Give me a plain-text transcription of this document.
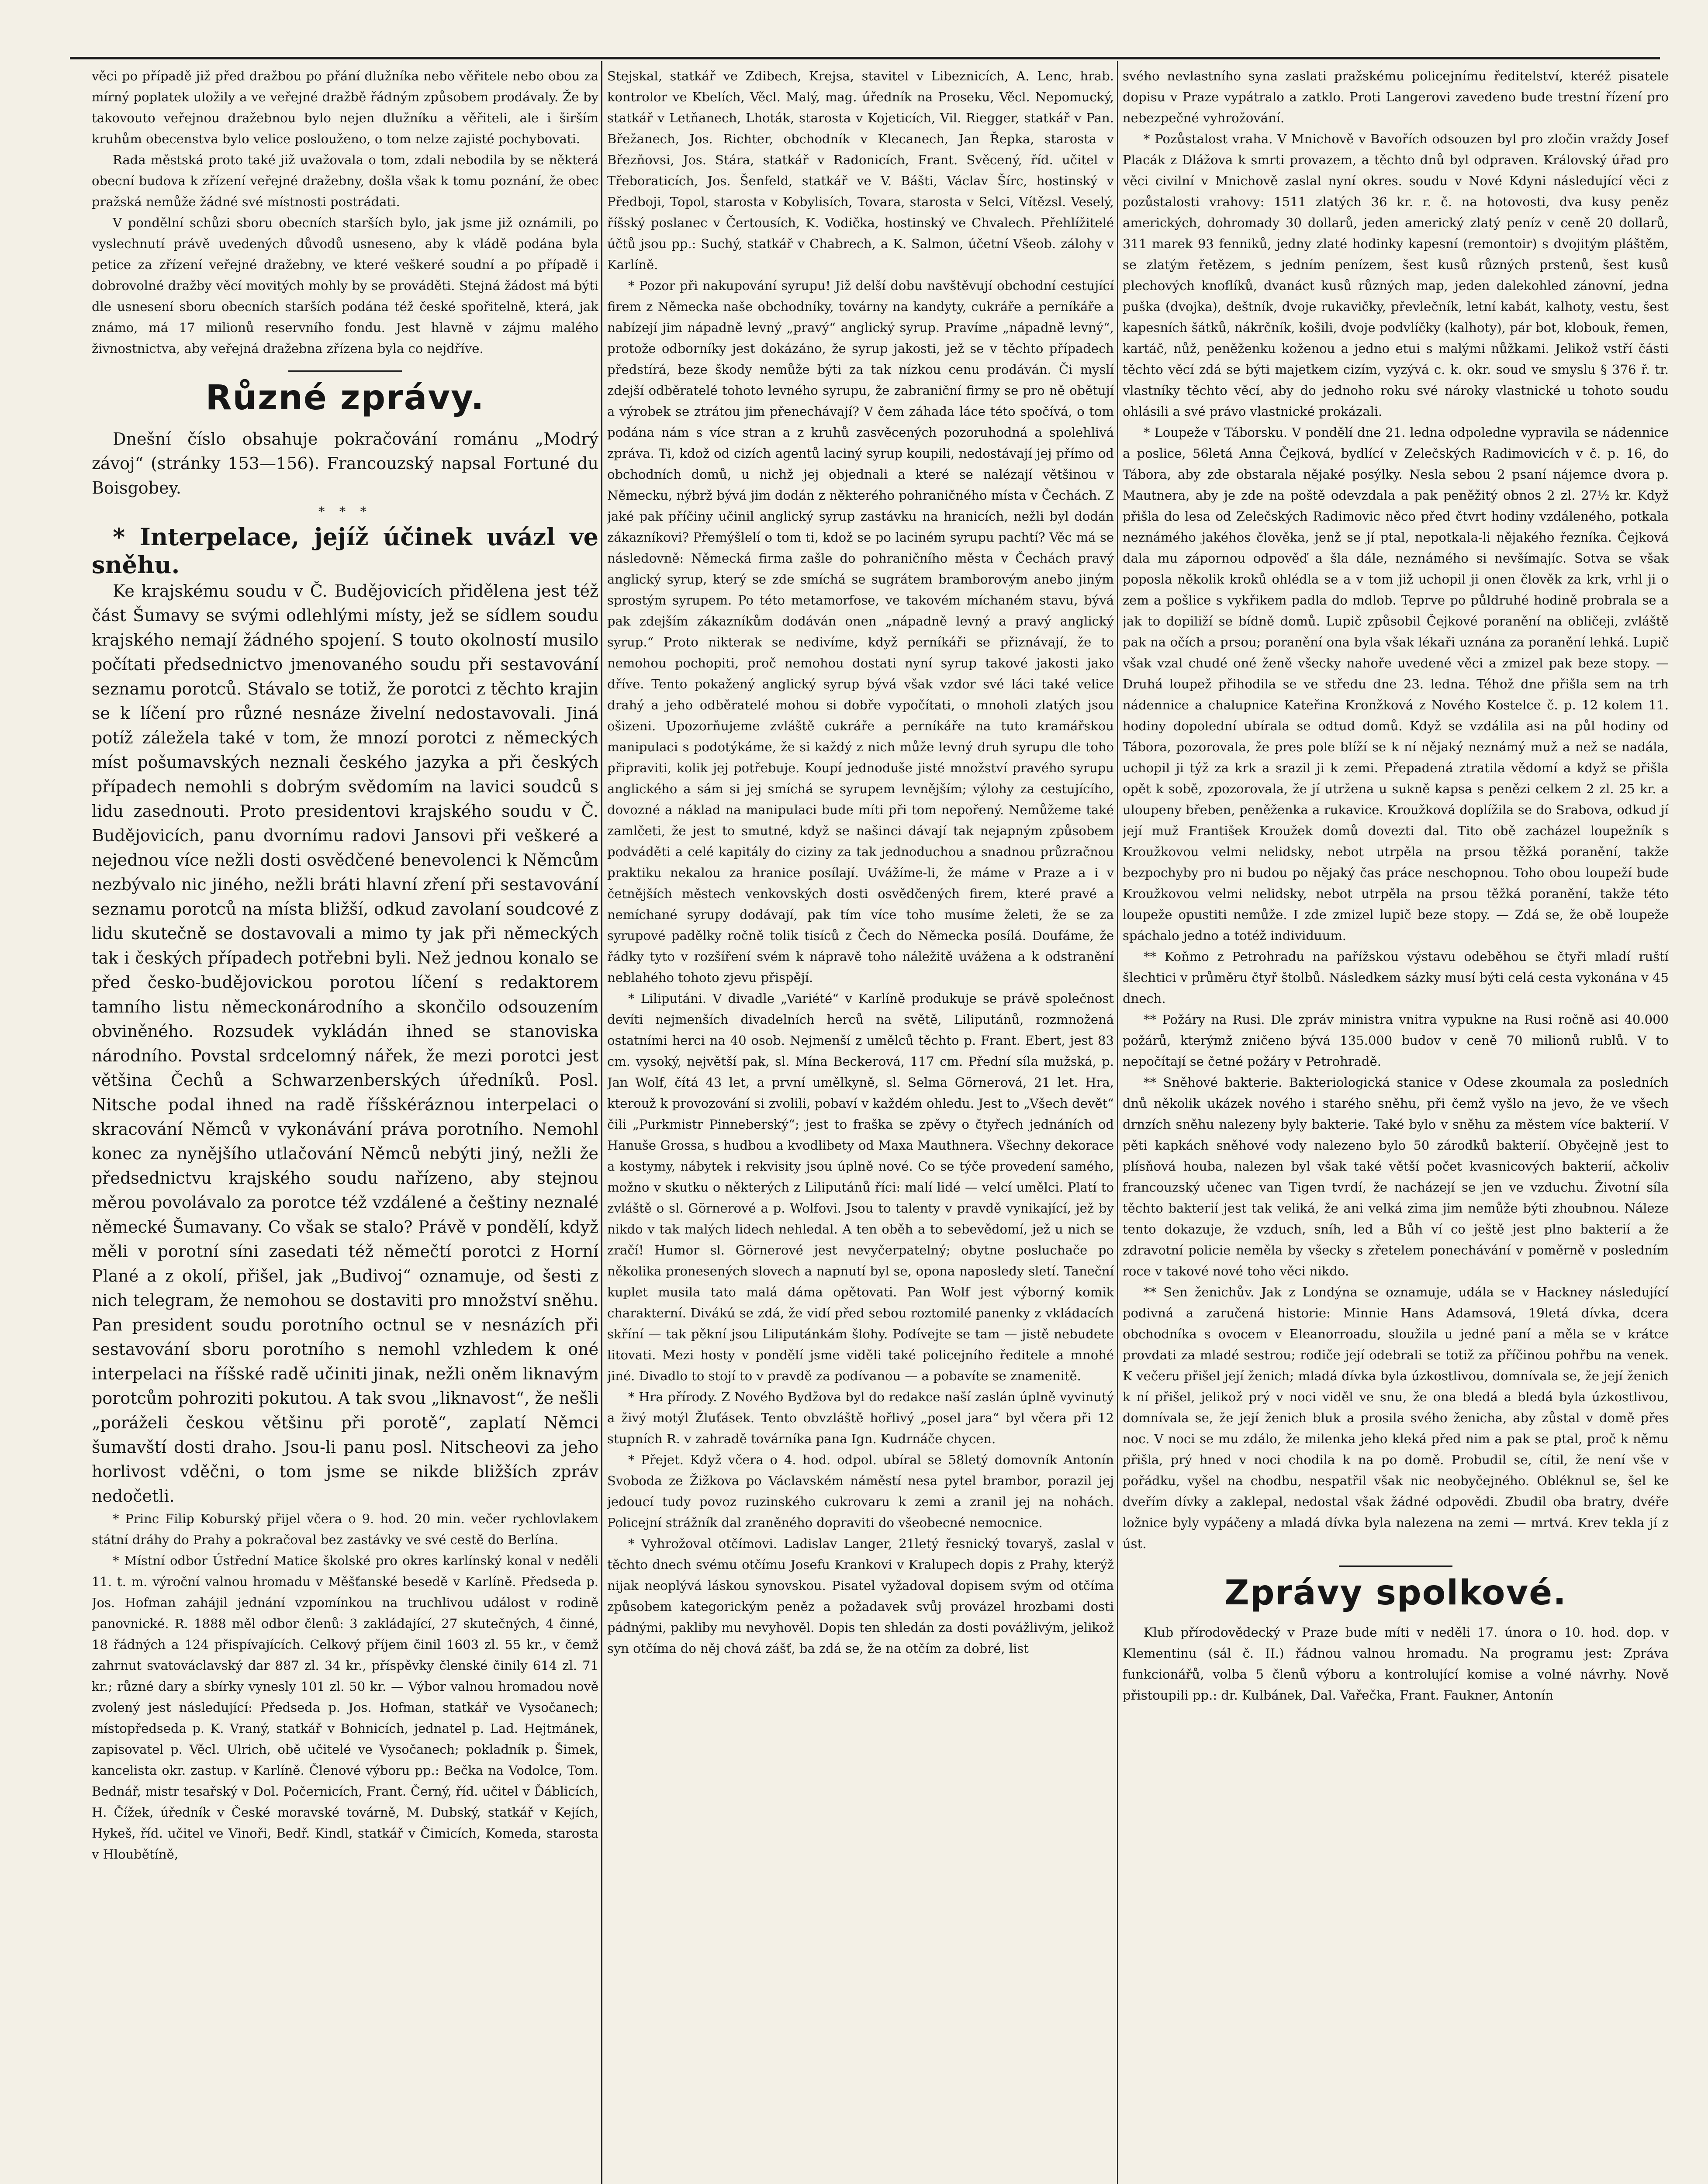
věci po případě již před dražbou po přání dlužníka nebo věřitele nebo obou za mírný poplatek uložily a ve veřejné dražbě řádným způsobem prodávaly. Že by takovouto veřejnou dražebnou bylo nejen dlužníku a věřiteli, ale i širším kruhům obecenstva bylo velice poslouženo, o tom nelze zajisté pochybovati.

Rada městská proto také již uvažovala o tom, zdali nebodila by se některá obecní budova k zřízení veřejné dražebny, došla však k tomu poznání, že obec pražská nemůže žádné své místnosti postrádati.

V pondělní schůzi sboru obecních starších bylo, jak jsme již oznámili, po vyslechnutí právě uvedených důvodů usneseno, aby k vládě podána byla petice za zřízení veřejné dražebny, ve které veškeré soudní a po případě i dobrovolné dražby věcí movitých mohly by se prováděti. Stejná žádost má býti dle usnesení sboru obecních starších podána též české spořitelně, která, jak známo, má 17 milionů reservního fondu. Jest hlavně v zájmu malého živnostnictva, aby veřejná dražebna zřízena byla co nejdříve.

Různé zprávy.

Dnešní číslo obsahuje pokračování románu „Modrý závoj“ (stránky 153—156). Francouzský napsal Fortuné du Boisgobey.

* * *

* Interpelace, jejíž účinek uvázl ve sněhu.

Ke krajskému soudu v Č. Budějovicích přidělena jest též část Šumavy se svými odlehlými místy, jež se sídlem soudu krajského nemají žádného spojení. S touto okolností musilo počítati předsednictvo jmenovaného soudu při sestavování seznamu porotců. Stávalo se totiž, že porotci z těchto krajin se k líčení pro různé nesnáze živelní nedostavovali. Jiná potíž záležela také v tom, že mnozí porotci z německých míst pošumavských neznali českého jazyka a při českých případech nemohli s dobrým svědomím na lavici soudců s lidu zasednouti. Proto presidentovi krajského soudu v Č. Budějovicích, panu dvornímu radovi Jansovi při veškeré a nejednou více nežli dosti osvědčené benevolenci k Němcům nezbývalo nic jiného, nežli bráti hlavní zření při sestavování seznamu porotců na místa bližší, odkud zavolaní soudcové z lidu skutečně se dostavovali a mimo ty jak při německých tak i českých případech potřebni byli. Než jednou konalo se před česko-budějovickou porotou líčení s redaktorem tamního listu německonárodního a skončilo odsouzením obviněného. Rozsudek vykládán ihned se stanoviska národního. Povstal srdcelomný nářek, že mezi porotci jest většina Čechů a Schwarzenberských úředníků. Posl. Nitsche podal ihned na radě říšskéráznou interpelaci o skracování Němců v vykonávání práva porotního. Nemohl konec za nynějšího utlačování Němců nebýti jiný, nežli že předsednictvu krajského soudu nařízeno, aby stejnou měrou povolávalo za porotce též vzdálené a češtiny neznalé německé Šumavany. Co však se stalo? Právě v pondělí, když měli v porotní síni zasedati též němečtí porotci z Horní Plané a z okolí, přišel, jak „Budivoj“ oznamuje, od šesti z nich telegram, že nemohou se dostaviti pro množství sněhu. Pan president soudu porotního octnul se v nesnázích při sestavování sboru porotního s nemohl vzhledem k oné interpelaci na říšské radě učiniti jinak, nežli oněm liknavým porotcům pohroziti pokutou. A tak svou „liknavost“, že nešli „poráželi českou většinu při porotě“, zaplatí Němci šumavští dosti draho. Jsou-li panu posl. Nitscheovi za jeho horlivost vděčni, o tom jsme se nikde bližších zpráv nedočetli.

* Princ Filip Koburský přijel včera o 9. hod. 20 min. večer rychlovlakem státní dráhy do Prahy a pokračoval bez zastávky ve své cestě do Berlína.

* Místní odbor Ústřední Matice školské pro okres karlínský konal v neděli 11. t. m. výroční valnou hromadu v Měšťanské besedě v Karlíně. Předseda p. Jos. Hofman zahájil jednání vzpomínkou na truchlivou událost v rodině panovnické. R. 1888 měl odbor členů: 3 zakládající, 27 skutečných, 4 činné, 18 řádných a 124 přispívajících. Celkový příjem činil 1603 zl. 55 kr., v čemž zahrnut svatováclavský dar 887 zl. 34 kr., příspěvky členské činily 614 zl. 71 kr.; různé dary a sbírky vynesly 101 zl. 50 kr. — Výbor valnou hromadou nově zvolený jest následující: Předseda p. Jos. Hofman, statkář ve Vysočanech; místopředseda p. K. Vraný, statkář v Bohnicích, jednatel p. Lad. Hejtmánek, zapisovatel p. Věcl. Ulrich, obě učitelé ve Vysočanech; pokladník p. Šimek, kancelista okr. zastup. v Karlíně. Členové výboru pp.: Bečka na Vodolce, Tom. Bednář, mistr tesařský v Dol. Počernicích, Frant. Černý, říd. učitel v Ďáblicích, H. Čížek, úředník v České moravské továrně, M. Dubský, statkář v Kejích, Hykeš, říd. učitel ve Vinoři, Bedř. Kindl, statkář v Čimicích, Komeda, starosta v Hloubětíně,

Stejskal, statkář ve Zdibech, Krejsa, stavitel v Libeznicích, A. Lenc, hrab. kontrolor ve Kbelích, Věcl. Malý, mag. úředník na Proseku, Věcl. Nepomucký, statkář v Letňanech, Lhoták, starosta v Kojeticích, Vil. Riegger, statkář v Pan. Břežanech, Jos. Richter, obchodník v Klecanech, Jan Řepka, starosta v Březňovsi, Jos. Stára, statkář v Radonicích, Frant. Svěcený, říd. učitel v Třeboraticích, Jos. Šenfeld, statkář ve V. Bášti, Václav Šírc, hostinský v Předboji, Topol, starosta v Kobylisích, Tovara, starosta v Selci, Vítězsl. Veselý, říšský poslanec v Čertousích, K. Vodička, hostinský ve Chvalech. Přehlížitelé účtů jsou pp.: Suchý, statkář v Chabrech, a K. Salmon, účetní Všeob. zálohy v Karlíně.

* Pozor při nakupování syrupu! Již delší dobu navštěvují obchodní cestující firem z Německa naše obchodníky, továrny na kandyty, cukráře a perníkáře a nabízejí jim nápadně levný „pravý“ anglický syrup. Pravíme „nápadně levný“, protože odborníky jest dokázáno, že syrup jakosti, jež se v těchto případech předstírá, beze škody nemůže býti za tak nízkou cenu prodáván. Či myslí zdejší odběratelé tohoto levného syrupu, že zabraniční firmy se pro ně obětují a výrobek se ztrátou jim přenechávají? V čem záhada láce této spočívá, o tom podána nám s více stran a z kruhů zasvěcených pozoruhodná a spolehlivá zpráva. Ti, kdož od cizích agentů laciný syrup koupili, nedostávají jej přímo od obchodních domů, u nichž jej objednali a které se nalézají většinou v Německu, nýbrž bývá jim dodán z některého pohraničného místa v Čechách. Z jaké pak příčiny učinil anglický syrup zastávku na hranicích, nežli byl dodán zákazníkovi? Přemýšlelí o tom ti, kdož se po laciném syrupu pachtí? Věc má se následovně: Německá firma zašle do pohraničního města v Čechách pravý anglický syrup, který se zde smíchá se sugrátem bramborovým anebo jiným sprostým syrupem. Po této metamorfose, ve takovém míchaném stavu, bývá pak zdejším zákazníkům dodáván onen „nápadně levný a pravý anglický syrup.“ Proto nikterak se nedivíme, když perníkáři se přiznávají, že to nemohou pochopiti, proč nemohou dostati nyní syrup takové jakosti jako dříve. Tento pokažený anglický syrup bývá však vzdor své láci také velice drahý a jeho odběratelé mohou si dobře vypočítati, o mnoholi zlatých jsou ošizeni. Upozorňujeme zvláště cukráře a perníkáře na tuto kramářskou manipulaci s podotýkáme, že si každý z nich může levný druh syrupu dle toho připraviti, kolik jej potřebuje. Koupí jednoduše jisté množství pravého syrupu anglického a sám si jej smíchá se syrupem levnějším; výlohy za cestujícího, dovozné a náklad na manipulaci bude míti při tom nepořený. Nemůžeme také zamlčeti, že jest to smutné, když se našinci dávají tak nejapným způsobem podváděti a celé kapitály do ciziny za tak jednoduchou a snadnou průzračnou praktiku nekalou za hranice posílají. Uvážíme-li, že máme v Praze a i v četnějších městech venkovských dosti osvědčených firem, které pravé a nemíchané syrupy dodávají, pak tím více toho musíme želeti, že se za syrupové padělky ročně tolik tisíců z Čech do Německa posílá. Doufáme, že řádky tyto v rozšíření svém k nápravě toho náležitě uvážena a k odstranění neblahého tohoto zjevu přispějí.

* Liliputáni. V divadle „Variété“ v Karlíně produkuje se právě společnost devíti nejmenších divadelních herců na světě, Liliputánů, rozmnožená ostatními herci na 40 osob. Nejmenší z umělců těchto p. Frant. Ebert, jest 83 cm. vysoký, největší pak, sl. Mína Beckerová, 117 cm. Přední síla mužská, p. Jan Wolf, čítá 43 let, a první umělkyně, sl. Selma Görnerová, 21 let. Hra, kterouž k provozování si zvolili, pobaví v každém ohledu. Jest to „Všech devět“ čili „Purkmistr Pinneberský“; jest to fraška se zpěvy o čtyřech jednáních od Hanuše Grossa, s hudbou a kvodlibety od Maxa Mauthnera. Všechny dekorace a kostymy, nábytek i rekvisity jsou úplně nové. Co se týče provedení samého, možno v skutku o některých z Liliputánů říci: malí lidé — velcí umělci. Platí to zvláště o sl. Görnerové a p. Wolfovi. Jsou to talenty v pravdě vynikající, jež by nikdo v tak malých lidech nehledal. A ten oběh a to sebevědomí, jež u nich se zračí! Humor sl. Görnerové jest nevyčerpatelný; obytne posluchače po několika pronesených slovech a napnutí byl se, opona naposledy sletí. Taneční kuplet musila tato malá dáma opětovati. Pan Wolf jest výborný komik charakterní. Divákú se zdá, že vidí před sebou roztomilé panenky z vkládacích skříní — tak pěkní jsou Liliputánkám šlohy. Podívejte se tam — jistě nebudete litovati. Mezi hosty v pondělí jsme viděli také policejního ředitele a mnohé jiné. Divadlo to stojí to v pravdě za podívanou — a pobavíte se znamenitě.

* Hra přírody. Z Nového Bydžova byl do redakce naší zaslán úplně vyvinutý a živý motýl Žluťásek. Tento obvzláště hořlivý „posel jara“ byl včera při 12 stupních R. v zahradě továrníka pana Ign. Kudrnáče chycen.

* Přejet. Když včera o 4. hod. odpol. ubíral se 58letý domovník Antonín Svoboda ze Žižkova po Václavském náměstí nesa pytel brambor, porazil jej jedoucí tudy povoz ruzinského cukrovaru k zemi a zranil jej na nohách. Policejní strážník dal zraněného dopraviti do všeobecné nemocnice.

* Vyhrožoval otčímovi. Ladislav Langer, 21letý řesnický tovaryš, zaslal v těchto dnech svému otčímu Josefu Krankovi v Kralupech dopis z Prahy, kterýž nijak neoplývá láskou synovskou. Pisatel vyžadoval dopisem svým od otčíma způsobem kategorickým peněz a požadavek svůj provázel hrozbami dosti pádnými, pakliby mu nevyhověl. Dopis ten shledán za dosti povážlivým, jelikož syn otčíma do něj chová zášť, ba zdá se, že na otčím za dobré, list

svého nevlastního syna zaslati pražskému policejnímu ředitelství, kteréž pisatele dopisu v Praze vypátralo a zatklo. Proti Langerovi zavedeno bude trestní řízení pro nebezpečné vyhrožování.

* Pozůstalost vraha. V Mnichově v Bavořích odsouzen byl pro zločin vraždy Josef Placák z Dlážova k smrti provazem, a těchto dnů byl odpraven. Královský úřad pro věci civilní v Mnichově zaslal nyní okres. soudu v Nové Kdyni následující věci z pozůstalosti vrahovy: 1511 zlatých 36 kr. r. č. na hotovosti, dva kusy peněz amerických, dohromady 30 dollarů, jeden americký zlatý peníz v ceně 20 dollarů, 311 marek 93 fenniků, jedny zlaté hodinky kapesní (remontoir) s dvojitým pláštěm, se zlatým řetězem, s jedním penízem, šest kusů různých prstenů, šest kusů plechových knoflíků, dvanáct kusů různých map, jeden dalekohled zánovní, jedna puška (dvojka), deštník, dvoje rukavičky, převlečník, letní kabát, kalhoty, vestu, šest kapesních šátků, nákrčník, košili, dvoje podvlíčky (kalhoty), pár bot, klobouk, řemen, kartáč, nůž, peněženku koženou a jedno etui s malými nůžkami. Jelikož vstří části těchto věcí zdá se býti majetkem cizím, vyzývá c. k. okr. soud ve smyslu § 376 ř. tr. vlastníky těchto věcí, aby do jednoho roku své nároky vlastnické u tohoto soudu ohlásili a své právo vlastnické prokázali.

* Loupeže v Táborsku. V pondělí dne 21. ledna odpoledne vypravila se nádennice a poslice, 56letá Anna Čejková, bydlící v Zelečských Radimovicích v č. p. 16, do Tábora, aby zde obstarala nějaké posýlky. Nesla sebou 2 psaní nájemce dvora p. Mautnera, aby je zde na poště odevzdala a pak peněžitý obnos 2 zl. 27½ kr. Když přišla do lesa od Zelečských Radimovic něco před čtvrt hodiny vzdáleného, potkala neznámého jakéhos člověka, jenž se jí ptal, nepotkala-li nějakého řezníka. Čejková dala mu zápornou odpověď a šla dále, neznámého si nevšímajíc. Sotva se však poposla několik kroků ohlédla se a v tom již uchopil ji onen člověk za krk, vrhl ji o zem a pošlice s vykřikem padla do mdlob. Teprve po půldruhé hodině probrala se a jak to dopiliží se bídně domů. Lupič způsobil Čejkové poranění na obličeji, zvláště pak na očích a prsou; poranění ona byla však lékaři uznána za poranění lehká. Lupič však vzal chudé oné ženě všecky nahoře uvedené věci a zmizel pak beze stopy. — Druhá loupež přihodila se ve středu dne 23. ledna. Téhož dne přišla sem na trh nádennice a chalupnice Kateřina Kronžková z Nového Kostelce č. p. 12 kolem 11. hodiny dopolední ubírala se odtud domů. Když se vzdálila asi na půl hodiny od Tábora, pozorovala, že pres pole blíží se k ní nějaký neznámý muž a než se nadála, uchopil ji týž za krk a srazil ji k zemi. Přepadená ztratila vědomí a když se přišla opět k sobě, zpozorovala, že jí utržena u sukně kapsa s penězi celkem 2 zl. 25 kr. a uloupeny břeben, peněženka a rukavice. Kroužková doplížila se do Srabova, odkud jí její muž František Kroužek domů dovezti dal. Tito obě zacházel loupežník s Kroužkovou velmi nelidsky, nebot utrpěla na prsou těžká poranění, takže bezpochyby pro ni budou po nějaký čas práce neschopnou. Toho obou loupeží bude Kroužkovou velmi nelidsky, nebot utrpěla na prsou těžká poranění, takže této loupeže opustiti nemůže. I zde zmizel lupič beze stopy. — Zdá se, že obě loupeže spáchalo jedno a totéž individuum.

** Koňmo z Petrohradu na pařížskou výstavu odeběhou se čtyři mladí ruští šlechtici v průměru čtyř štolbů. Následkem sázky musí býti celá cesta vykonána v 45 dnech.

** Požáry na Rusi. Dle zpráv ministra vnitra vypukne na Rusi ročně asi 40.000 požárů, kterýmž zničeno bývá 135.000 budov v ceně 70 milionů rublů. V to nepočítají se četné požáry v Petrohradě.

** Sněhové bakterie. Bakteriologická stanice v Odese zkoumala za posledních dnů několik ukázek nového i starého sněhu, při čemž vyšlo na jevo, že ve všech drnzích sněhu nalezeny byly bakterie. Také bylo v sněhu za městem více bakterií. V pěti kapkách sněhové vody nalezeno bylo 50 zárodků bakterií. Obyčejně jest to plísňová houba, nalezen byl však také větší počet kvasnicových bakterií, ačkoliv francouzský učenec van Tigen tvrdí, že nacházejí se jen ve vzduchu. Životní síla těchto bakterií jest tak veliká, že ani velká zima jim nemůže býti zhoubnou. Náleze tento dokazuje, že vzduch, sníh, led a Bůh ví co ještě jest plno bakterií a že zdravotní policie neměla by všecky s zřetelem ponechávání v poměrně v posledním roce v takové nové toho věci nikdo.

** Sen ženichův. Jak z Londýna se oznamuje, udála se v Hackney následující podivná a zaručená historie: Minnie Hans Adamsová, 19letá dívka, dcera obchodníka s ovocem v Eleanorroadu, sloužila u jedné paní a měla se v krátce provdati za mladé sestrou; rodiče její odebrali se totiž za příčinou pohřbu na venek. K večeru přišel její ženich; mladá dívka byla úzkostlivou, domnívala se, že její ženich k ní přišel, jelikož prý v noci viděl ve snu, že ona bledá a bledá byla úzkostlivou, domnívala se, že její ženich bluk a prosila svého ženicha, aby zůstal v domě přes noc. V noci se mu zdálo, že milenka jeho kleká před nim a pak se ptal, proč k němu přišla, prý hned v noci chodila k na po domě. Probudil se, cítil, že není vše v pořádku, vyšel na chodbu, nespatřil však nic neobyčejného. Obléknul se, šel ke dveřím dívky a zaklepal, nedostal však žádné odpovědi. Zbudil oba bratry, dvéře ložnice byly vypáčeny a mladá dívka byla nalezena na zemi — mrtvá. Krev tekla jí z úst.

Zprávy spolkové.

Klub přírodovědecký v Praze bude míti v neděli 17. února o 10. hod. dop. v Klementinu (sál č. II.) řádnou valnou hromadu. Na programu jest: Zpráva funkcionářů, volba 5 členů výboru a kontrolující komise a volné návrhy. Nově přistoupili pp.: dr. Kulbánek, Dal. Vařečka, Frant. Faukner, Antonín
